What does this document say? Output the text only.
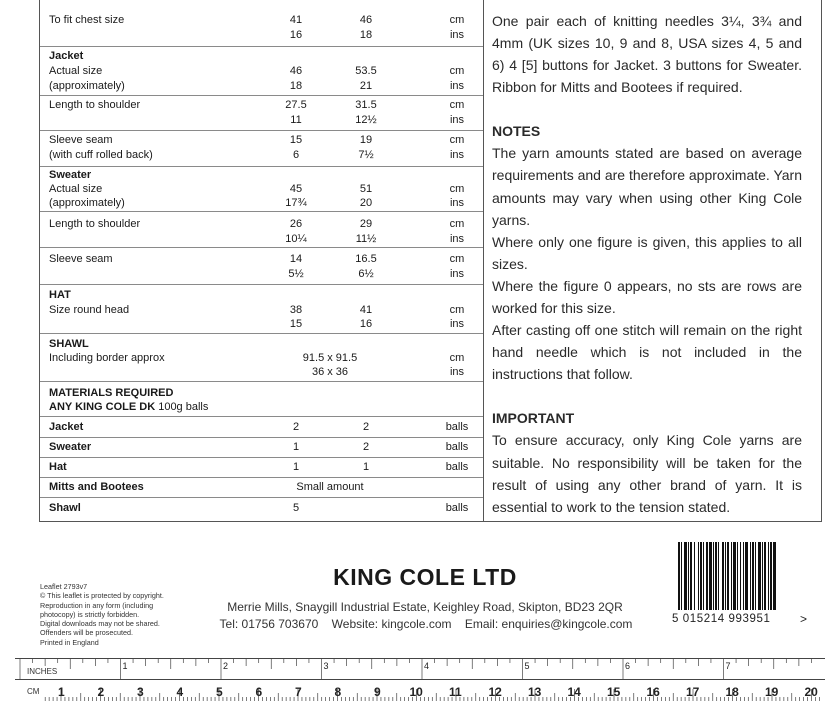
To fit chest size	41	46	cm
16	18	ins
Jacket
Actual size	46	53.5	cm
(approximately)	18	21	ins
Length to shoulder	27.5	31.5	cm
11	12½	ins
Sleeve seam	15	19	cm
(with cuff rolled back)	6	7½	ins
Sweater
Actual size	45	51	cm
(approximately)	17¾	20	ins
Length to shoulder	26	29	cm
10¼	11½	ins
Sleeve seam	14	16.5	cm
5½	6½	ins
HAT
Size round head	38	41	cm
15	16	ins
SHAWL
Including border approx	91.5 x 91.5	cm
36 x 36	ins
MATERIALS REQUIRED
ANY KING COLE DK 100g balls
Jacket	2	2	balls
Sweater	1	2	balls
Hat	1	1	balls
Mitts and Bootees	Small amount
Shawl	5	balls

One pair each of knitting needles 3¼, 3¾ and 4mm (UK sizes 10, 9 and 8, USA sizes 4, 5 and 6) 4 [5] buttons for Jacket. 3 buttons for Sweater. Ribbon for Mitts and Bootees if required.

NOTES

The yarn amounts stated are based on average requirements and are therefore approximate. Yarn amounts may vary when using other King Cole yarns.

Where only one figure is given, this applies to all sizes.

Where the figure 0 appears, no sts are rows are worked for this size.

After casting off one stitch will remain on the right hand needle which is not included in the instructions that follow.

IMPORTANT

To ensure accuracy, only King Cole yarns are suitable. No responsibility will be taken for the result of using any other brand of yarn. It is essential to work to the tension stated.

Leaflet 2793v7
© This leaflet is protected by copyright.
Reproduction in any form (including
photocopy) is strictly forbidden.
Digital downloads may not be shared.
Offenders will be prosecuted.
Printed in England
KING COLE LTD
Merrie Mills, Snaygill Industrial Estate, Keighley Road, Skipton, BD23 2QR
Tel: 01756 703670 Website: kingcole.com Email: enquiries@kingcole.com	5 015214 993951 >
INCHES
CM
1	2	3	4	5	6	7
1	2	3	4	5	6	7	8	9 10 11 12 13 14 15 16 17 18 19 20
